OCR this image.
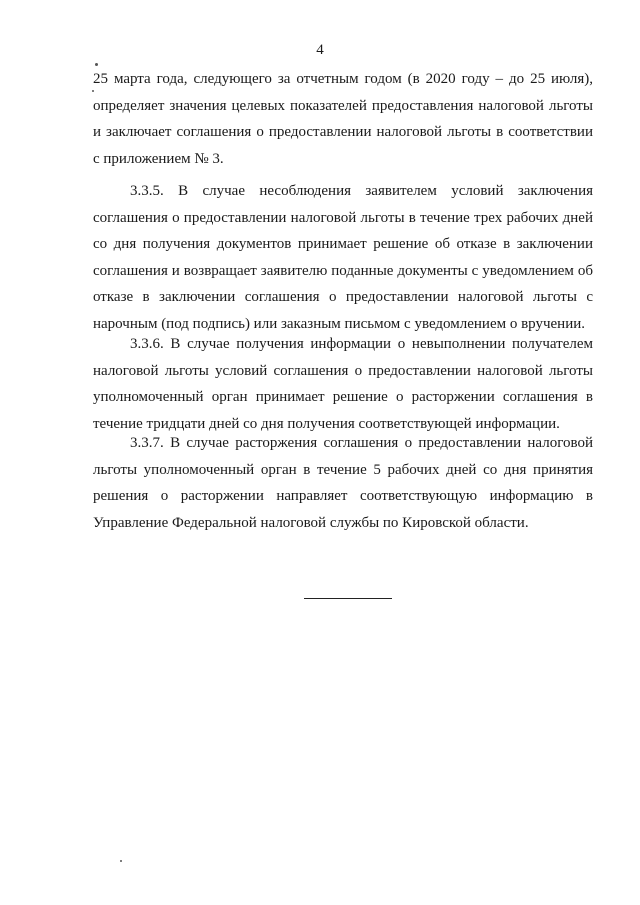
4

25 марта года, следующего за отчетным годом (в 2020 году – до 25 июля), определяет значения целевых показателей предоставления налоговой льготы и заключает соглашения о предоставлении налоговой льготы в соответствии с приложением № 3.

3.3.5. В случае несоблюдения заявителем условий заключения соглашения о предоставлении налоговой льготы в течение трех рабочих дней со дня получения документов принимает решение об отказе в заключении соглашения и возвращает заявителю поданные документы с уведомлением об отказе в заключении соглашения о предоставлении налоговой льготы с нарочным (под подпись) или заказным письмом с уведомлением о вручении.

3.3.6. В случае получения информации о невыполнении получателем налоговой льготы условий соглашения о предоставлении налоговой льготы уполномоченный орган принимает решение о расторжении соглашения в течение тридцати дней со дня получения соответствующей информации.

3.3.7. В случае расторжения соглашения о предоставлении налоговой льготы уполномоченный орган в течение 5 рабочих дней со дня принятия решения о расторжении направляет соответствующую информацию в Управление Федеральной налоговой службы по Кировской области.
